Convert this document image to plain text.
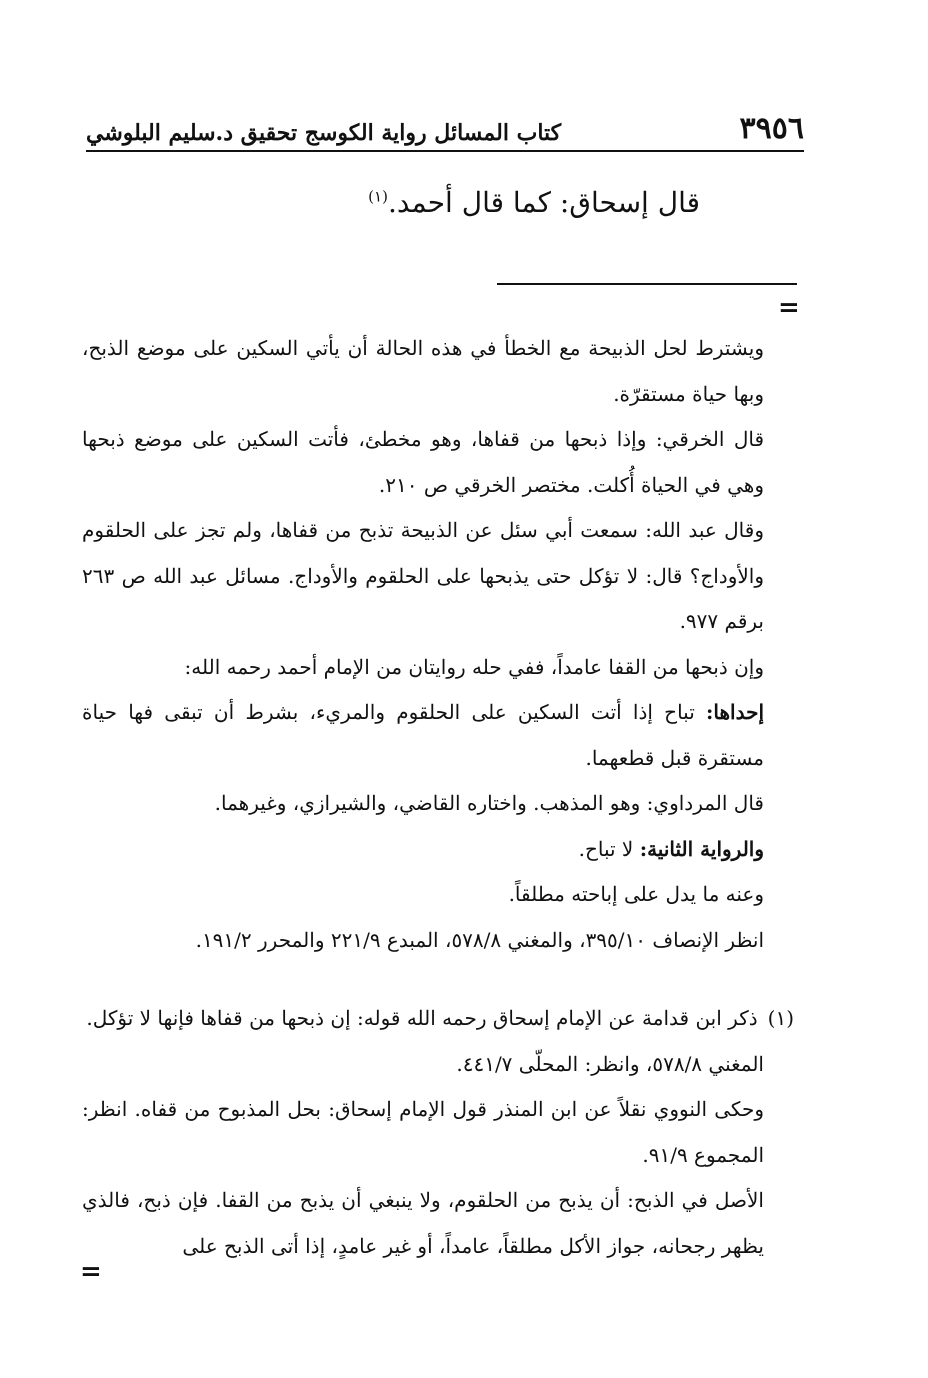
٣٩٥٦
كتاب المسائل رواية الكوسج تحقيق د.سليم البلوشي
قال إسحاق: كما قال أحمد.$^{(١)}$
=

ويشترط لحل الذبيحة مع الخطأ في هذه الحالة أن يأتي السكين على موضع الذبح، وبها حياة مستقرّة.

قال الخرقي: وإذا ذبحها من قفاها، وهو مخطئ، فأتت السكين على موضع ذبحها وهي في الحياة أُكلت. مختصر الخرقي ص ٢١٠.

وقال عبد الله: سمعت أبي سئل عن الذبيحة تذبح من قفاها، ولم تجز على الحلقوم والأوداج؟ قال: لا تؤكل حتى يذبحها على الحلقوم والأوداج. مسائل عبد الله ص ٢٦٣ برقم ٩٧٧.

وإن ذبحها من القفا عامداً، ففي حله روايتان من الإمام أحمد رحمه الله:

إحداها: تباح إذا أتت السكين على الحلقوم والمريء، بشرط أن تبقى فها حياة مستقرة قبل قطعهما.

قال المرداوي: وهو المذهب. واختاره القاضي، والشيرازي، وغيرهما.

والرواية الثانية: لا تباح.

وعنه ما يدل على إباحته مطلقاً.

انظر الإنصاف ٣٩٥/١٠، والمغني ٥٧٨/٨، المبدع ٢٢١/٩ والمحرر ١٩١/٢.

(١) ذكر ابن قدامة عن الإمام إسحاق رحمه الله قوله: إن ذبحها من قفاها فإنها لا تؤكل.

المغني ٥٧٨/٨، وانظر: المحلّى ٤٤١/٧.

وحكى النووي نقلاً عن ابن المنذر قول الإمام إسحاق: بحل المذبوح من قفاه. انظر: المجموع ٩١/٩.

الأصل في الذبح: أن يذبح من الحلقوم، ولا ينبغي أن يذبح من القفا. فإن ذبح، فالذي يظهر رجحانه، جواز الأكل مطلقاً، عامداً، أو غير عامدٍ، إذا أتى الذبح على

=
